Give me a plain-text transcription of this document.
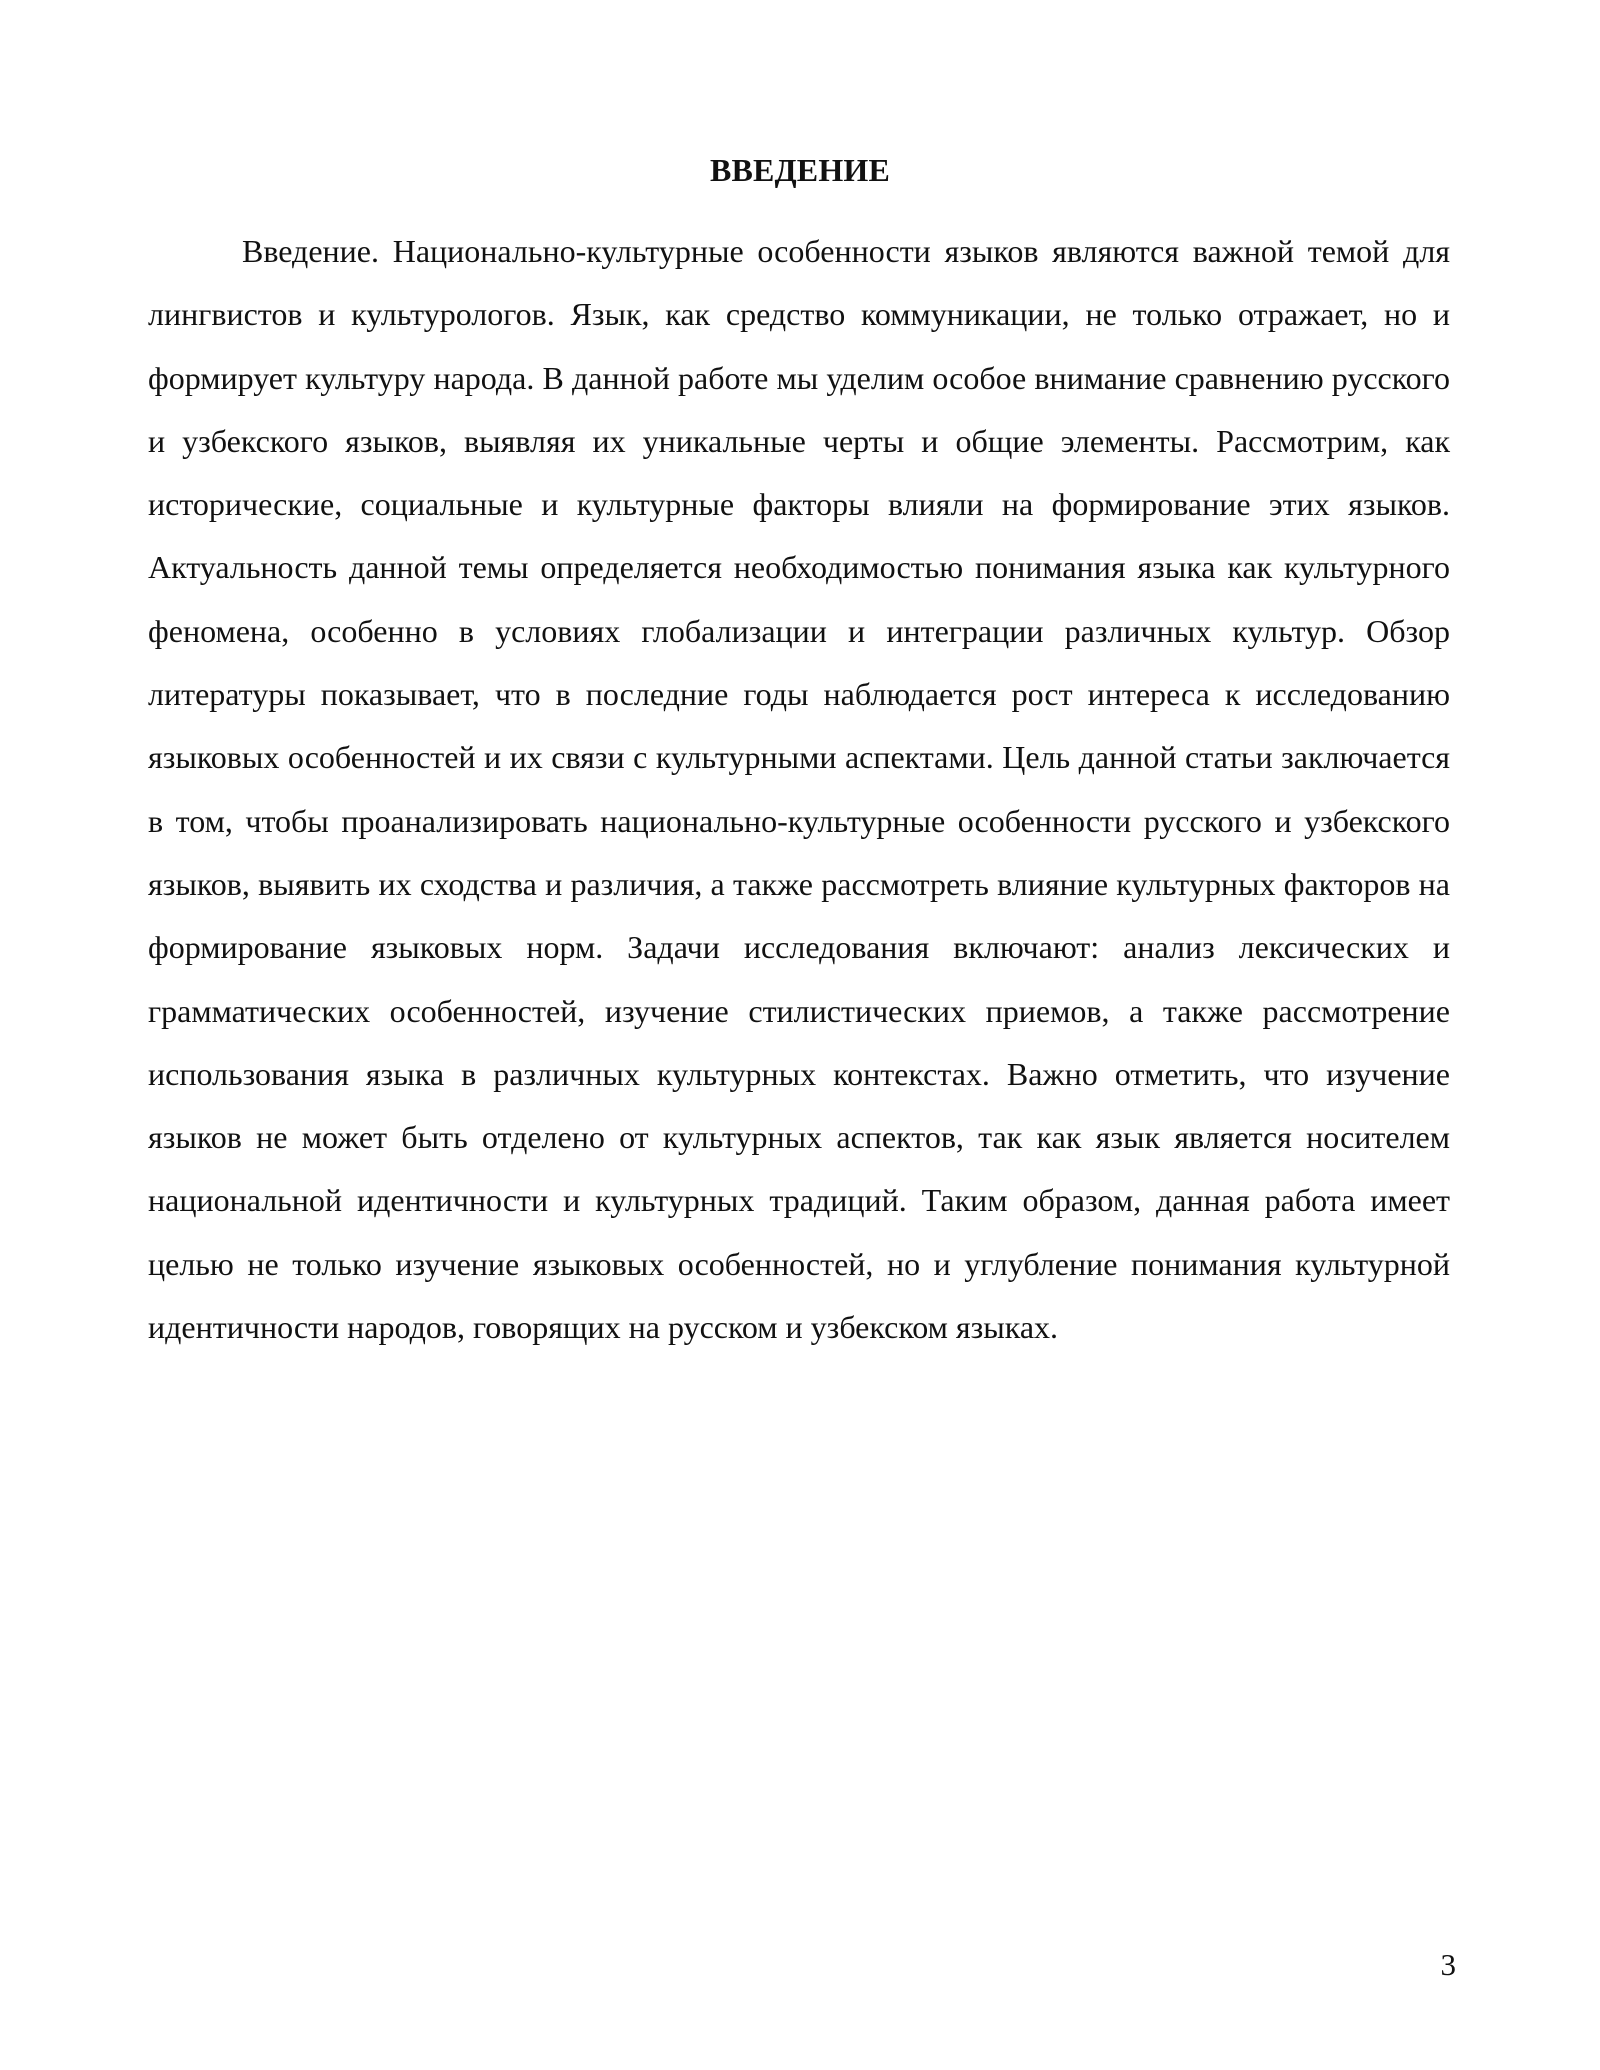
ВВЕДЕНИЕ

Введение. Национально-культурные особенности языков являются важной темой для лингвистов и культурологов. Язык, как средство коммуникации, не только отражает, но и формирует культуру народа. В данной работе мы уделим особое внимание сравнению русского и узбекского языков, выявляя их уникальные черты и общие элементы. Рассмотрим, как исторические, социальные и культурные факторы влияли на формирование этих языков. Актуальность данной темы определяется необходимостью понимания языка как культурного феномена, особенно в условиях глобализации и интеграции различных культур. Обзор литературы показывает, что в последние годы наблюдается рост интереса к исследованию языковых особенностей и их связи с культурными аспектами. Цель данной статьи заключается в том, чтобы проанализировать национально-культурные особенности русского и узбекского языков, выявить их сходства и различия, а также рассмотреть влияние культурных факторов на формирование языковых норм. Задачи исследования включают: анализ лексических и грамматических особенностей, изучение стилистических приемов, а также рассмотрение использования языка в различных культурных контекстах. Важно отметить, что изучение языков не может быть отделено от культурных аспектов, так как язык является носителем национальной идентичности и культурных традиций. Таким образом, данная работа имеет целью не только изучение языковых особенностей, но и углубление понимания культурной идентичности народов, говорящих на русском и узбекском языках.

3
